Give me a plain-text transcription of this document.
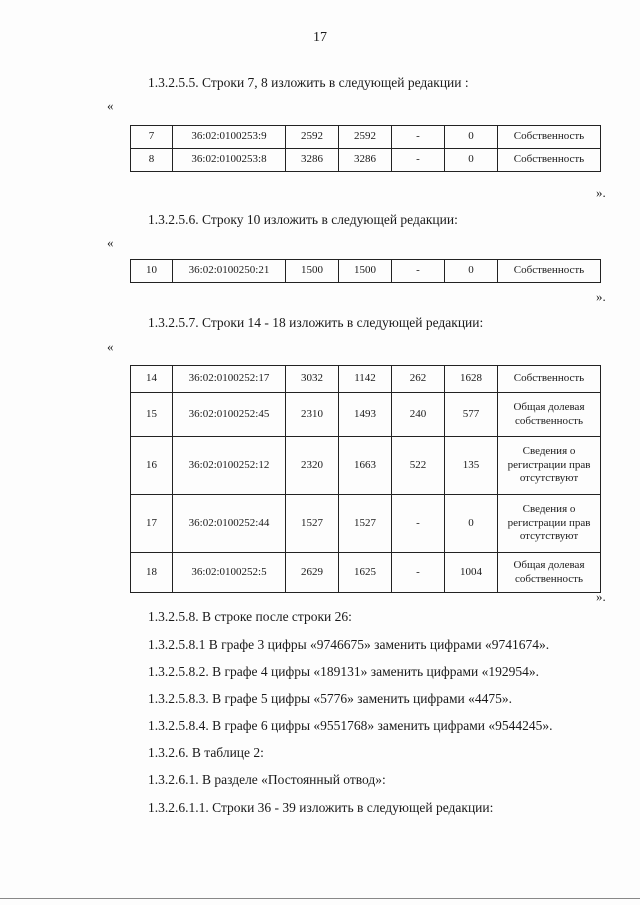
17
1.3.2.5.5. Строки 7, 8 изложить в следующей редакции :
«
7	36:02:0100253:9	2592	2592	-	0	Собственность
8	36:02:0100253:8	3286	3286	-	0	Собственность
».
1.3.2.5.6. Строку 10 изложить в следующей редакции:
«
10	36:02:0100250:21	1500	1500	-	0	Собственность
».
1.3.2.5.7. Строки 14 - 18 изложить в следующей редакции:
«
14	36:02:0100252:17	3032	1142	262	1628	Собственность
15	36:02:0100252:45	2310	1493	240	577	Общая долевая собственность
16	36:02:0100252:12	2320	1663	522	135	Сведения о регистрации прав отсутствуют
17	36:02:0100252:44	1527	1527	-	0	Сведения о регистрации прав отсутствуют
18	36:02:0100252:5	2629	1625	-	1004	Общая долевая собственность
».
1.3.2.5.8. В строке после строки 26:
1.3.2.5.8.1 В графе 3 цифры «9746675» заменить цифрами «9741674».
1.3.2.5.8.2. В графе 4 цифры «189131» заменить цифрами «192954».
1.3.2.5.8.3. В графе 5 цифры «5776» заменить цифрами «4475».
1.3.2.5.8.4. В графе 6 цифры «9551768» заменить цифрами «9544245».
1.3.2.6. В таблице 2:
1.3.2.6.1. В разделе «Постоянный отвод»:
1.3.2.6.1.1. Строки 36 - 39 изложить в следующей редакции:
